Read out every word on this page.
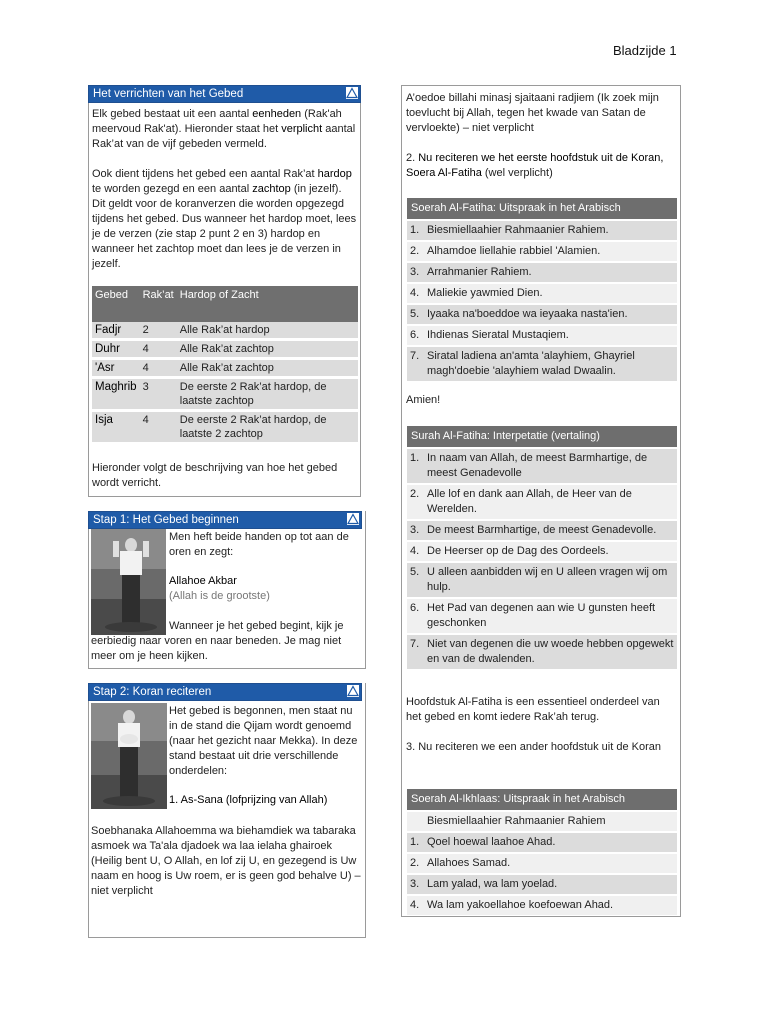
Bladzijde 1
Het verrichten van het Gebed

Elk gebed bestaat uit een aantal eenheden (Rak'ah meervoud Rak'at). Hieronder staat het verplicht aantal Rak’at van de vijf gebeden vermeld.

Ook dient tijdens het gebed een aantal Rak’at hardop te worden gezegd en een aantal zachtop (in jezelf). Dit geldt voor de koranverzen die worden opgezegd tijdens het gebed. Dus wanneer het hardop moet, lees je de verzen (zie stap 2 punt 2 en 3) hardop en wanneer het zachtop moet dan lees je de verzen in jezelf.

Gebed	Rak’at	Hardop of Zacht
Fadjr	2	Alle Rak’at hardop
Duhr	4	Alle Rak’at zachtop
'Asr	4	Alle Rak’at zachtop
Maghrib	3	De eerste 2 Rak’at hardop, de laatste zachtop
Isja	4	De eerste 2 Rak’at hardop, de laatste 2 zachtop

Hieronder volgt de beschrijving van hoe het gebed wordt verricht.

Stap 1: Het Gebed beginnen

Men heft beide handen op tot aan de oren en zegt:

Allahoe Akbar

(Allah is de grootste)

Wanneer je het gebed begint, kijk je eerbiedig naar voren en naar beneden. Je mag niet meer om je heen kijken.

Stap 2: Koran reciteren

Het gebed is begonnen, men staat nu in de stand die Qijam wordt genoemd (naar het gezicht naar Mekka). In deze stand bestaat uit drie verschillende onderdelen:

1. As-Sana (lofprijzing van Allah)

Soebhanaka Allahoemma wa biehamdiek wa tabaraka asmoek wa Ta'ala djadoek wa laa ielaha ghairoek (Heilig bent U, O Allah, en lof zij U, en gezegend is Uw naam en hoog is Uw roem, er is geen god behalve U) – niet verplicht

A’oedoe billahi minasj sjaitaani radjiem (Ik zoek mijn toevlucht bij Allah, tegen het kwade van Satan de vervloekte) – niet verplicht

2. Nu reciteren we het eerste hoofdstuk uit de Koran, Soera Al-Fatiha (wel verplicht)

Soerah Al-Fatiha: Uitspraak in het Arabisch
1. Biesmiellaahier Rahmaanier Rahiem.
2. Alhamdoe liellahie rabbiel 'Alamien.
3. Arrahmanier Rahiem.
4. Maliekie yawmied Dien.
5. Iyaaka na'boeddoe wa ieyaaka nasta'ien.
6. Ihdienas Sieratal Mustaqiem.
7. Siratal ladiena an'amta 'alayhiem, Ghayriel magh'doebie 'alayhiem walad Dwaalin.

Amien!

Surah Al-Fatiha: Interpetatie (vertaling)
1. In naam van Allah, de meest Barmhartige, de meest Genadevolle
2. Alle lof en dank aan Allah, de Heer van de Werelden.
3. De meest Barmhartige, de meest Genadevolle.
4. De Heerser op de Dag des Oordeels.
5. U alleen aanbidden wij en U alleen vragen wij om hulp.
6. Het Pad van degenen aan wie U gunsten heeft geschonken
7. Niet van degenen die uw woede hebben opgewekt en van de dwalenden.

Hoofdstuk Al-Fatiha is een essentieel onderdeel van het gebed en komt iedere Rak’ah terug.

3. Nu reciteren we een ander hoofdstuk uit de Koran

Soerah Al-Ikhlaas: Uitspraak in het Arabisch
Biesmiellaahier Rahmaanier Rahiem
1. Qoel hoewal laahoe Ahad.
2. Allahoes Samad.
3. Lam yalad, wa lam yoelad.
4. Wa lam yakoellahoe koefoewan Ahad.
